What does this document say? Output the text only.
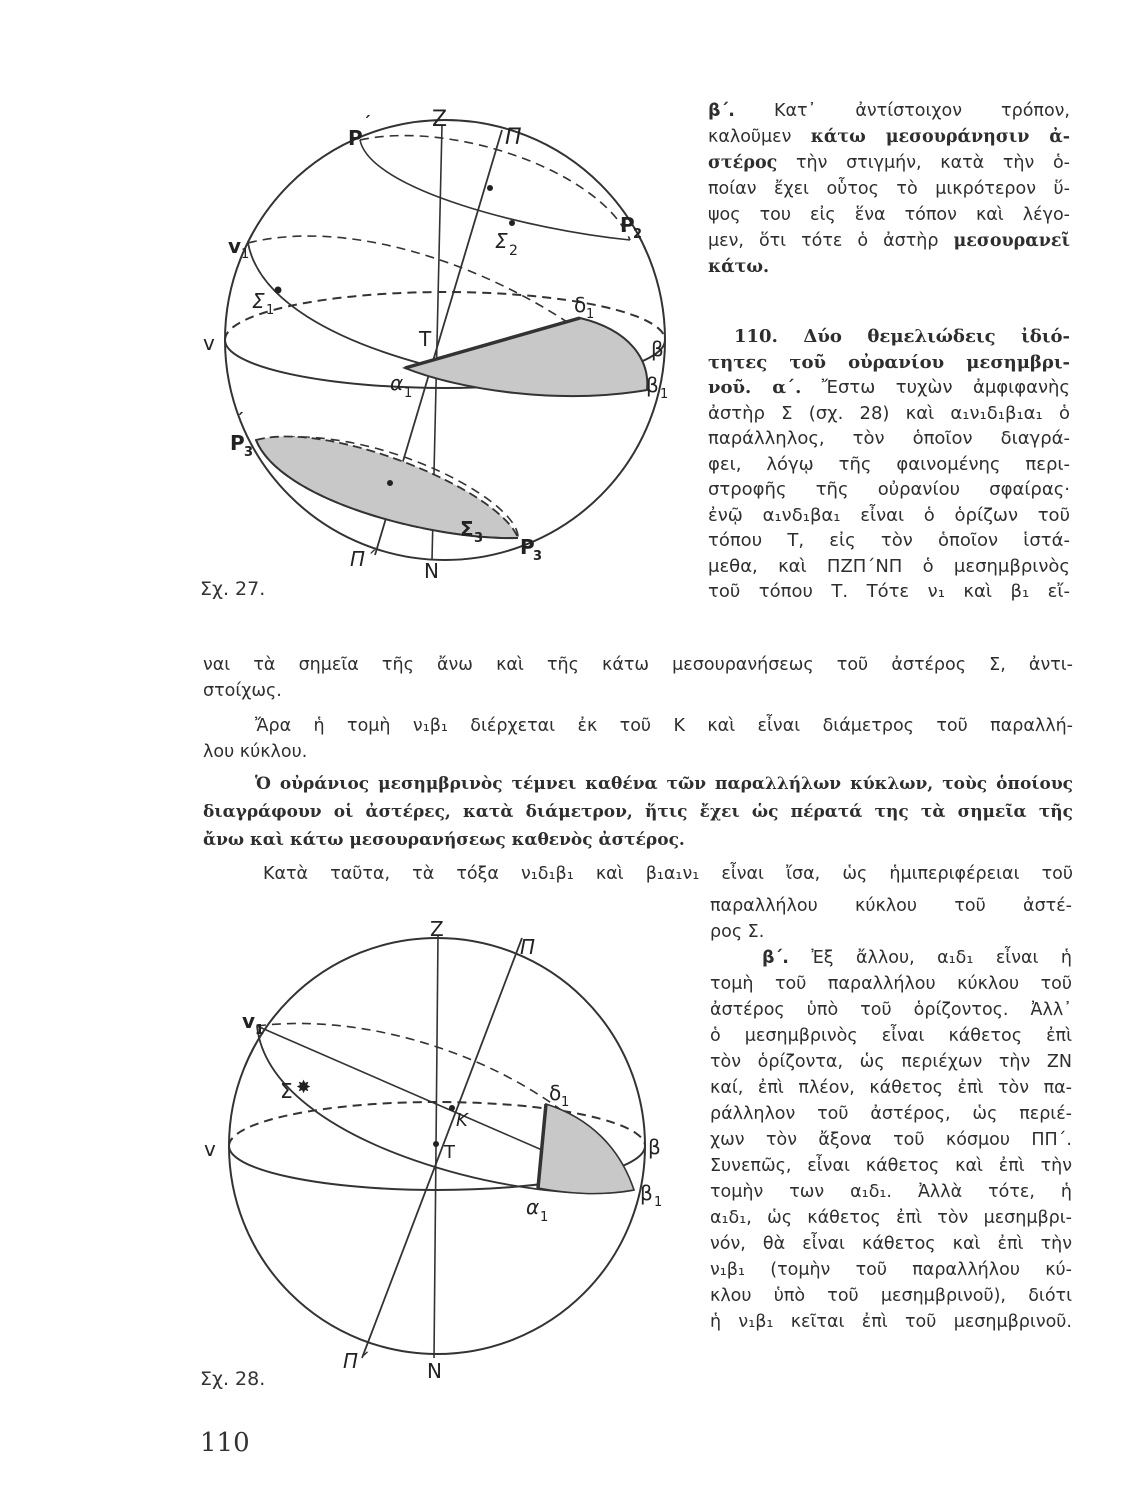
Z
Π
P
΄
P
2
Σ 2
v 1
Σ 1
v	T
δ 1
β
β 1
α 1
P
΄
3
Σ 3 P
3
Π΄ N
Σχ. 27.
Z
Π
v 1
Σ ✸	δ 1
K
v	T	β
β 1
α 1
Π΄	N
Σχ. 28.
β΄. Κατ᾽ ἀντίστοιχον τρόπον,
καλοῦμεν κάτω μεσουράνησιν ἀ-
στέρος τὴν στιγμήν, κατὰ τὴν ὁ-
ποίαν ἔχει οὗτος τὸ μικρότερον ὕ-
ψος του εἰς ἕνα τόπον καὶ λέγο-
μεν, ὅτι τότε ὁ ἀστὴρ μεσουρανεῖ
κάτω.
110. Δύο θεμελιώδεις ἰδιό-
τητες τοῦ οὐρανίου μεσημβρι-
νοῦ. α΄. Ἔστω τυχὼν ἀμφιφανὴς
ἀστὴρ Σ (σχ. 28) καὶ α₁ν₁δ₁β₁α₁ ὁ
παράλληλος, τὸν ὁποῖον διαγρά-
φει, λόγῳ τῆς φαινομένης περι-
στροφῆς τῆς οὐρανίου σφαίρας·
ἐνῷ α₁νδ₁βα₁ εἶναι ὁ ὁρίζων τοῦ
τόπου Τ, εἰς τὸν ὁποῖον ἱστά-
μεθα, καὶ ΠΖΠ΄ΝΠ ὁ μεσημβρινὸς
τοῦ τόπου Τ. Τότε ν₁ καὶ β₁ εἴ-
ναι τὰ σημεῖα τῆς ἄνω καὶ τῆς κάτω μεσουρανήσεως τοῦ ἀστέρος Σ, ἀντι-
στοίχως.
Ἄρα ἡ τομὴ ν₁β₁ διέρχεται ἐκ τοῦ Κ καὶ εἶναι διάμετρος τοῦ παραλλή-
λου κύκλου.
Ὁ οὐράνιος μεσημβρινὸς τέμνει καθένα τῶν παραλλήλων κύκλων, τοὺς ὁποίους
διαγράφουν οἱ ἀστέρες, κατὰ διάμετρον, ἥτις ἔχει ὡς πέρατά της τὰ σημεῖα τῆς
ἄνω καὶ κάτω μεσουρανήσεως καθενὸς ἀστέρος.
Κατὰ ταῦτα, τὰ τόξα ν₁δ₁β₁ καὶ β₁α₁ν₁ εἶναι ἴσα, ὡς ἡμιπεριφέρειαι τοῦ
παραλλήλου κύκλου τοῦ ἀστέ-
ρος Σ.
β΄. Ἐξ ἄλλου, α₁δ₁ εἶναι ἡ
τομὴ τοῦ παραλλήλου κύκλου τοῦ
ἀστέρος ὑπὸ τοῦ ὁρίζοντος. Ἀλλ᾽
ὁ μεσημβρινὸς εἶναι κάθετος ἐπὶ
τὸν ὁρίζοντα, ὡς περιέχων τὴν ΖΝ
καί, ἐπὶ πλέον, κάθετος ἐπὶ τὸν πα-
ράλληλον τοῦ ἀστέρος, ὡς περιέ-
χων τὸν ἄξονα τοῦ κόσμου ΠΠ΄.
Συνεπῶς, εἶναι κάθετος καὶ ἐπὶ τὴν
τομὴν των α₁δ₁. Ἀλλὰ τότε, ἡ
α₁δ₁, ὡς κάθετος ἐπὶ τὸν μεσημβρι-
νόν, θὰ εἶναι κάθετος καὶ ἐπὶ τὴν
ν₁β₁ (τομὴν τοῦ παραλλήλου κύ-
κλου ὑπὸ τοῦ μεσημβρινοῦ), διότι
ἡ ν₁β₁ κεῖται ἐπὶ τοῦ μεσημβρινοῦ.
110
